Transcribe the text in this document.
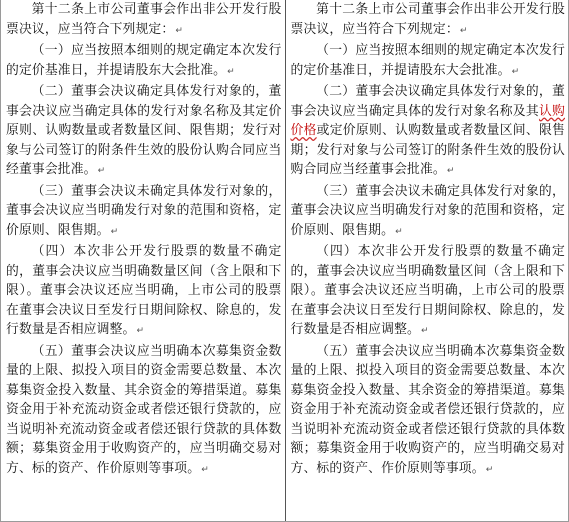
第十二条上市公司董事会作出非公开发行股票决议，应当符合下列规定： ↵

（一）应当按照本细则的规定确定本次发行的定价基准日，并提请股东大会批准。 ↵

（二）董事会决议确定具体发行对象的，董事会决议应当确定具体的发行对象名称及其定价原则、认购数量或者数量区间、限售期；发行对象与公司签订的附条件生效的股份认购合同应当经董事会批准。 ↵

（三）董事会决议未确定具体发行对象的，董事会决议应当明确发行对象的范围和资格，定价原则、限售期。 ↵

（四）本次非公开发行股票的数量不确定的，董事会决议应当明确数量区间（含上限和下限）。董事会决议还应当明确，上市公司的股票在董事会决议日至发行日期间除权、除息的，发行数量是否相应调整。 ↵

（五）董事会决议应当明确本次募集资金数量的上限、拟投入项目的资金需要总数量、本次募集资金投入数量、其余资金的筹措渠道。募集资金用于补充流动资金或者偿还银行贷款的，应当说明补充流动资金或者偿还银行贷款的具体数额；募集资金用于收购资产的，应当明确交易对方、标的资产、作价原则等事项。 ↵

第十二条上市公司董事会作出非公开发行股票决议，应当符合下列规定： ↵

（一）应当按照本细则的规定确定本次发行的定价基准日，并提请股东大会批准。 ↵

（二）董事会决议确定具体发行对象的，董事会决议应当确定具体的发行对象名称及其认购价格或定价原则、认购数量或者数量区间、限售期；发行对象与公司签订的附条件生效的股份认购合同应当经董事会批准。 ↵

（三）董事会决议未确定具体发行对象的，董事会决议应当明确发行对象的范围和资格，定价原则、限售期。 ↵

（四）本次非公开发行股票的数量不确定的，董事会决议应当明确数量区间（含上限和下限）。董事会决议还应当明确，上市公司的股票在董事会决议日至发行日期间除权、除息的，发行数量是否相应调整。 ↵

（五）董事会决议应当明确本次募集资金数量的上限、拟投入项目的资金需要总数量、本次募集资金投入数量、其余资金的筹措渠道。募集资金用于补充流动资金或者偿还银行贷款的，应当说明补充流动资金或者偿还银行贷款的具体数额；募集资金用于收购资产的，应当明确交易对方、标的资产、作价原则等事项。 ↵
